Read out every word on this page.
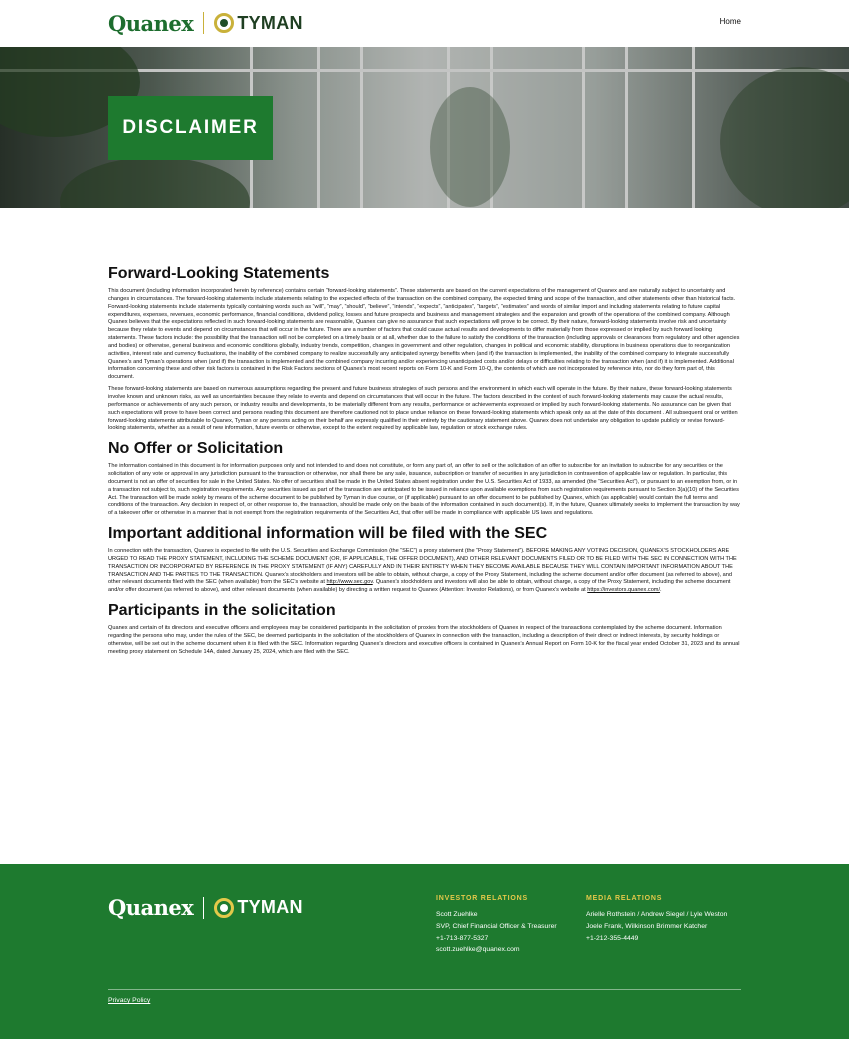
Quanex TYMAN	Home
DISCLAIMER
Forward-Looking Statements

This document (including information incorporated herein by reference) contains certain “forward-looking statements”. These statements are based on the current expectations of the management of Quanex and are naturally subject to uncertainty and changes in circumstances. The forward-looking statements include statements relating to the expected effects of the transaction on the combined company, the expected timing and scope of the transaction, and other statements other than historical facts. Forward-looking statements include statements typically containing words such as “will”, “may”, “should”, “believe”, “intends”, “expects”, “anticipates”, “targets”, “estimates” and words of similar import and including statements relating to future capital expenditures, expenses, revenues, economic performance, financial conditions, dividend policy, losses and future prospects and business and management strategies and the expansion and growth of the operations of the combined company. Although Quanex believes that the expectations reflected in such forward-looking statements are reasonable, Quanex can give no assurance that such expectations will prove to be correct. By their nature, forward-looking statements involve risk and uncertainty because they relate to events and depend on circumstances that will occur in the future. There are a number of factors that could cause actual results and developments to differ materially from those expressed or implied by such forward looking statements. These factors include: the possibility that the transaction will not be completed on a timely basis or at all, whether due to the failure to satisfy the conditions of the transaction (including approvals or clearances from regulatory and other agencies and bodies) or otherwise, general business and economic conditions globally, industry trends, competition, changes in government and other regulation, changes in political and economic stability, disruptions in business operations due to reorganization activities, interest rate and currency fluctuations, the inability of the combined company to realize successfully any anticipated synergy benefits when (and if) the transaction is implemented, the inability of the combined company to integrate successfully Quanex’s and Tyman’s operations when (and if) the transaction is implemented and the combined company incurring and/or experiencing unanticipated costs and/or delays or difficulties relating to the transaction when (and if) it is implemented. Additional information concerning these and other risk factors is contained in the Risk Factors sections of Quanex’s most recent reports on Form 10-K and Form 10-Q, the contents of which are not incorporated by reference into, nor do they form part of, this document.

These forward-looking statements are based on numerous assumptions regarding the present and future business strategies of such persons and the environment in which each will operate in the future. By their nature, these forward-looking statements involve known and unknown risks, as well as uncertainties because they relate to events and depend on circumstances that will occur in the future. The factors described in the context of such forward-looking statements may cause the actual results, performance or achievements of any such person, or industry results and developments, to be materially different from any results, performance or achievements expressed or implied by such forward-looking statements. No assurance can be given that such expectations will prove to have been correct and persons reading this document are therefore cautioned not to place undue reliance on these forward-looking statements which speak only as at the date of this document . All subsequent oral or written forward-looking statements attributable to Quanex, Tyman or any persons acting on their behalf are expressly qualified in their entirety by the cautionary statement above. Quanex does not undertake any obligation to update publicly or revise forward-looking statements, whether as a result of new information, future events or otherwise, except to the extent required by applicable law, regulation or stock exchange rules.

No Offer or Solicitation

The information contained in this document is for information purposes only and not intended to and does not constitute, or form any part of, an offer to sell or the solicitation of an offer to subscribe for an invitation to subscribe for any securities or the solicitation of any vote or approval in any jurisdiction pursuant to the transaction or otherwise, nor shall there be any sale, issuance, subscription or transfer of securities in any jurisdiction in contravention of applicable law or regulation. In particular, this document is not an offer of securities for sale in the United States. No offer of securities shall be made in the United States absent registration under the U.S. Securities Act of 1933, as amended (the “Securities Act”), or pursuant to an exemption from, or in a transaction not subject to, such registration requirements. Any securities issued as part of the transaction are anticipated to be issued in reliance upon available exemptions from such registration requirements pursuant to Section 3(a)(10) of the Securities Act. The transaction will be made solely by means of the scheme document to be published by Tyman in due course, or (if applicable) pursuant to an offer document to be published by Quanex, which (as applicable) would contain the full terms and conditions of the transaction. Any decision in respect of, or other response to, the transaction, should be made only on the basis of the information contained in such document(s). If, in the future, Quanex ultimately seeks to implement the transaction by way of a takeover offer or otherwise in a manner that is not exempt from the registration requirements of the Securities Act, that offer will be made in compliance with applicable US laws and regulations.

Important additional information will be filed with the SEC

In connection with the transaction, Quanex is expected to file with the U.S. Securities and Exchange Commission (the “SEC”) a proxy statement (the “Proxy Statement”). BEFORE MAKING ANY VOTING DECISION, QUANEX’S STOCKHOLDERS ARE URGED TO READ THE PROXY STATEMENT, INCLUDING THE SCHEME DOCUMENT (OR, IF APPLICABLE, THE OFFER DOCUMENT), AND OTHER RELEVANT DOCUMENTS FILED OR TO BE FILED WITH THE SEC IN CONNECTION WITH THE TRANSACTION OR INCORPORATED BY REFERENCE IN THE PROXY STATEMENT (IF ANY) CAREFULLY AND IN THEIR ENTIRETY WHEN THEY BECOME AVAILABLE BECAUSE THEY WILL CONTAIN IMPORTANT INFORMATION ABOUT THE TRANSACTION AND THE PARTIES TO THE TRANSACTION. Quanex’s stockholders and investors will be able to obtain, without charge, a copy of the Proxy Statement, including the scheme document and/or offer document (as referred to above), and other relevant documents filed with the SEC (when available) from the SEC’s website at http://www.sec.gov. Quanex’s stockholders and investors will also be able to obtain, without charge, a copy of the Proxy Statement, including the scheme document and/or offer document (as referred to above), and other relevant documents (when available) by directing a written request to Quanex (Attention: Investor Relations), or from Quanex’s website at https://investors.quanex.com/.

Participants in the solicitation

Quanex and certain of its directors and executive officers and employees may be considered participants in the solicitation of proxies from the stockholders of Quanex in respect of the transactions contemplated by the scheme document. Information regarding the persons who may, under the rules of the SEC, be deemed participants in the solicitation of the stockholders of Quanex in connection with the transaction, including a description of their direct or indirect interests, by security holdings or otherwise, will be set out in the scheme document when it is filed with the SEC. Information regarding Quanex’s directors and executive officers is contained in Quanex’s Annual Report on Form 10-K for the fiscal year ended October 31, 2023 and its annual meeting proxy statement on Schedule 14A, dated January 25, 2024, which are filed with the SEC.

Quanex TYMAN	INVESTOR RELATIONS
Scott Zuehlke
SVP, Chief Financial Officer & Treasurer
+1-713-877-5327
scott.zuehlke@quanex.com
MEDIA RELATIONS
Arielle Rothstein / Andrew Siegel / Lyle Weston
Joele Frank, Wilkinson Brimmer Katcher
+1-212-355-4449
Privacy Policy
